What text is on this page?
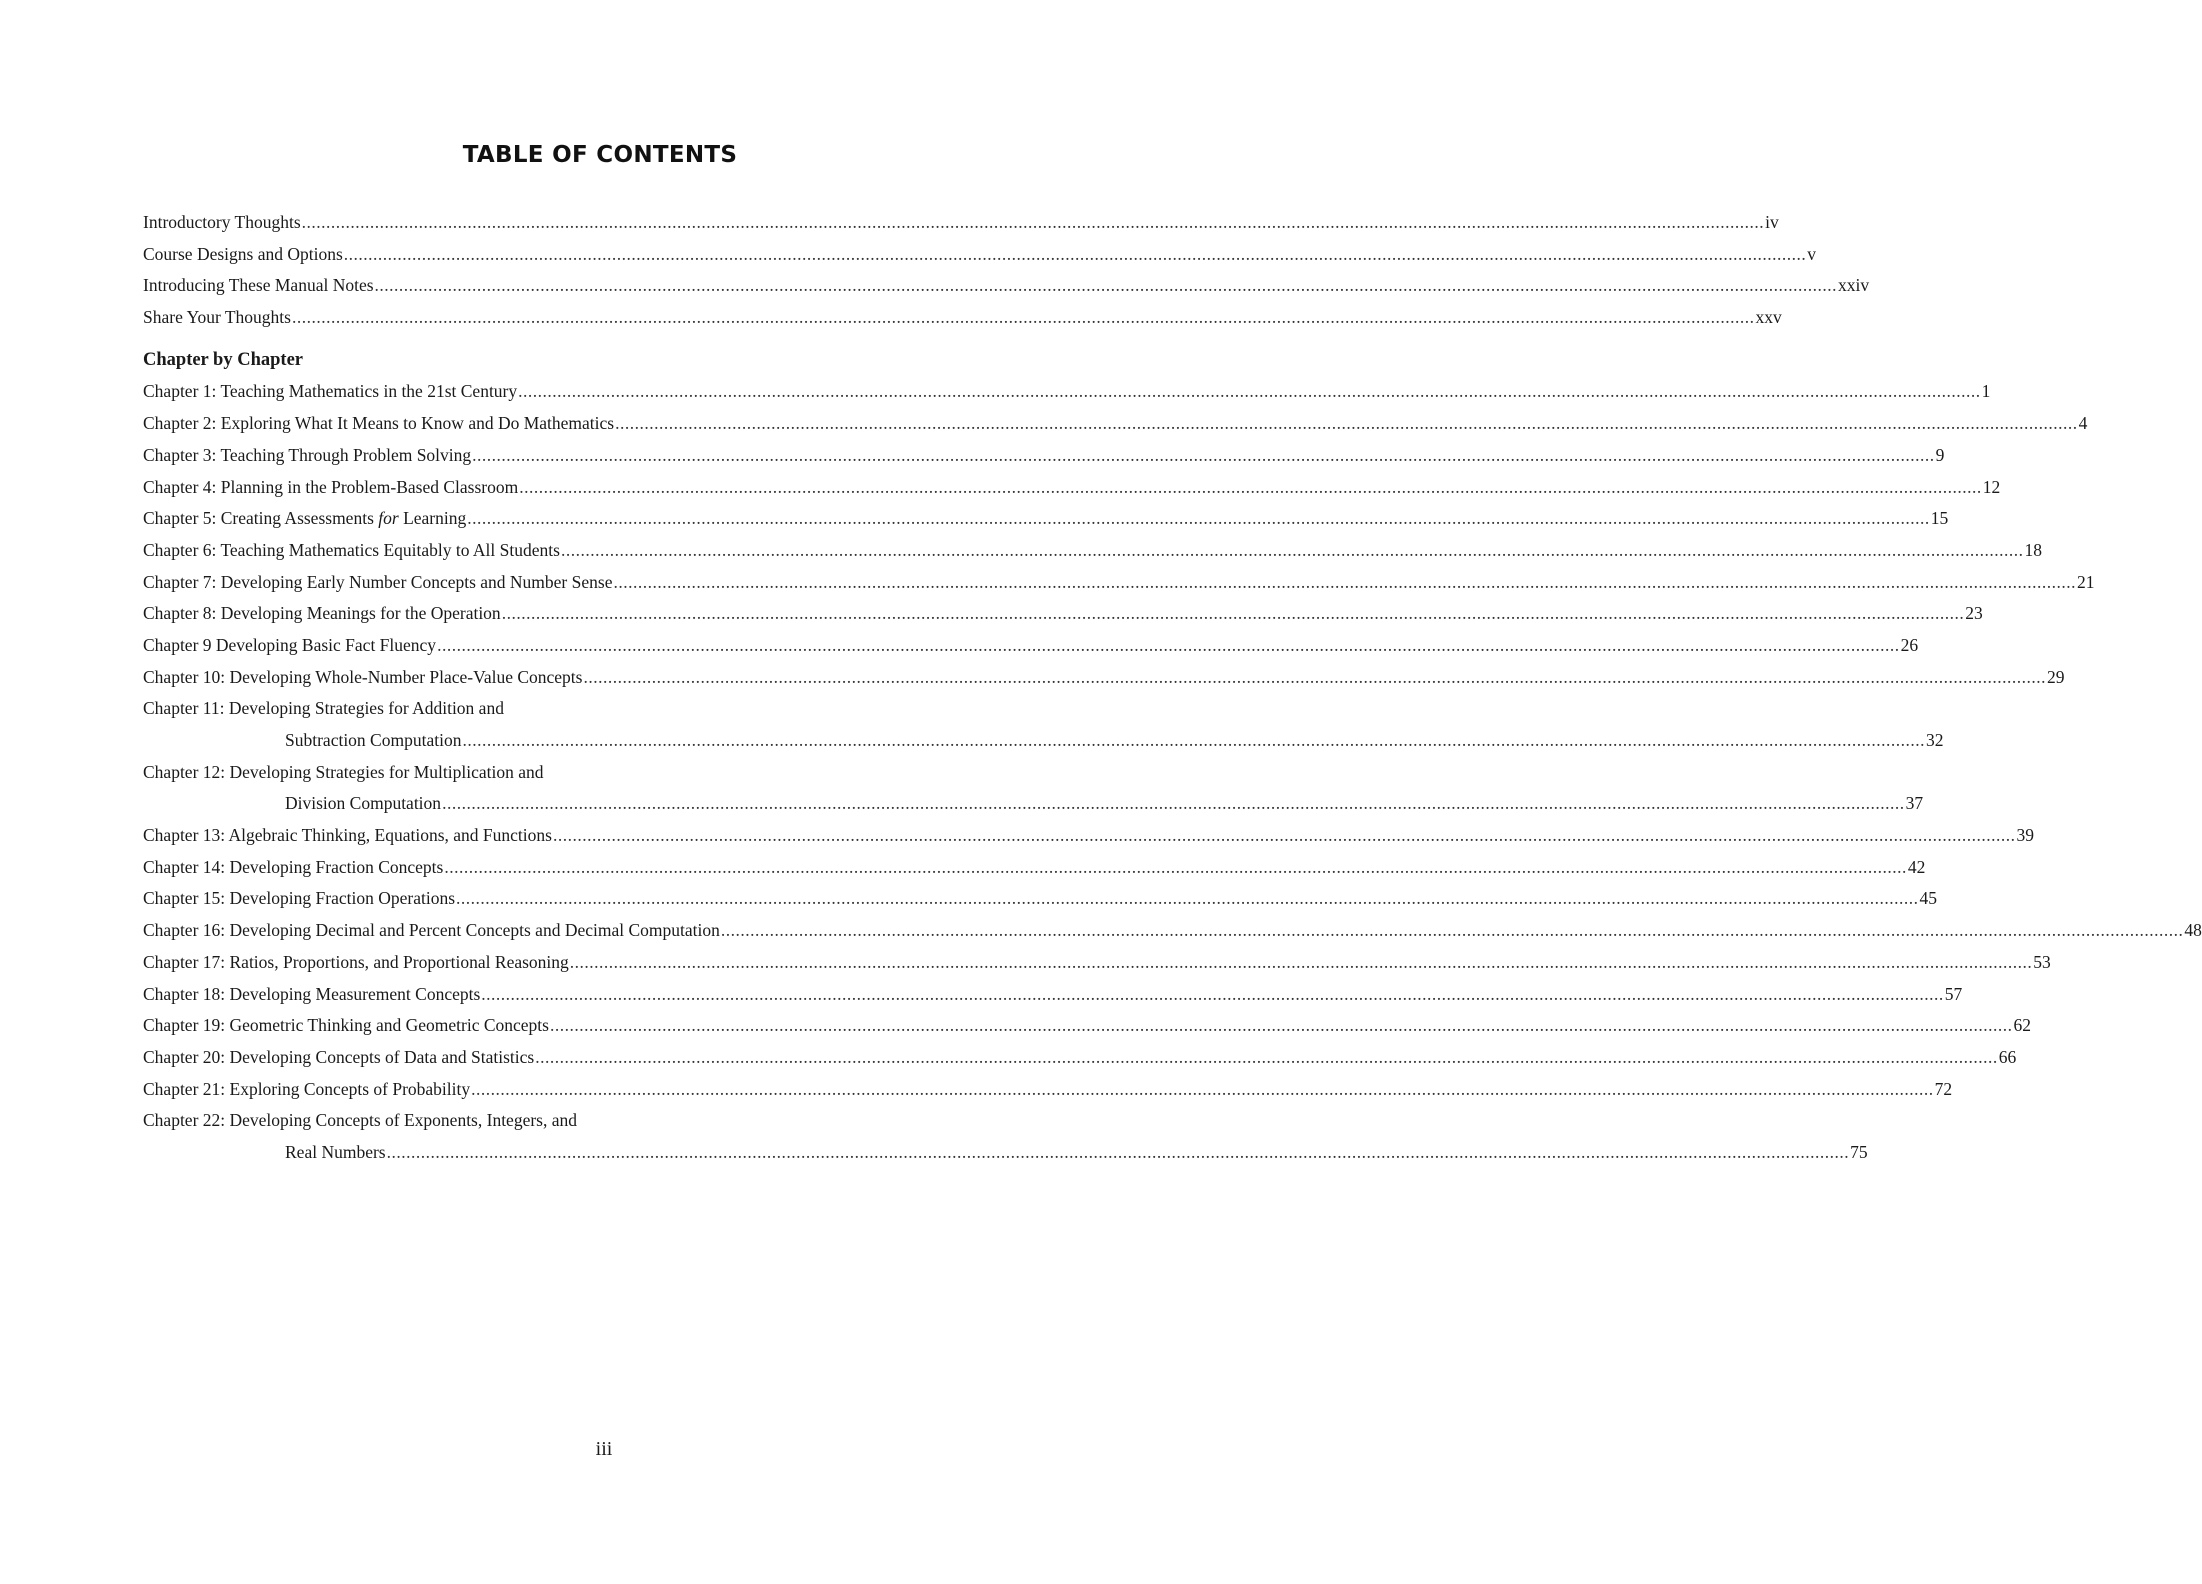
TABLE OF CONTENTS
Introductory Thoughts ............................................................................................................................................................................................................................................................................................................ iv
Course Designs and Options ............................................................................................................................................................................................................................................................................................................ v
Introducing These Manual Notes ............................................................................................................................................................................................................................................................................................................ xxiv
Share Your Thoughts ............................................................................................................................................................................................................................................................................................................ xxv
Chapter by Chapter
Chapter 1: Teaching Mathematics in the 21st Century ............................................................................................................................................................................................................................................................................................................ 1
Chapter 2: Exploring What It Means to Know and Do Mathematics ............................................................................................................................................................................................................................................................................................................ 4
Chapter 3: Teaching Through Problem Solving ............................................................................................................................................................................................................................................................................................................ 9
Chapter 4: Planning in the Problem-Based Classroom ............................................................................................................................................................................................................................................................................................................ 12
Chapter 5: Creating Assessments for Learning ............................................................................................................................................................................................................................................................................................................ 15
Chapter 6: Teaching Mathematics Equitably to All Students ............................................................................................................................................................................................................................................................................................................ 18
Chapter 7: Developing Early Number Concepts and Number Sense ............................................................................................................................................................................................................................................................................................................ 21
Chapter 8: Developing Meanings for the Operation ............................................................................................................................................................................................................................................................................................................ 23
Chapter 9 Developing Basic Fact Fluency ............................................................................................................................................................................................................................................................................................................ 26
Chapter 10: Developing Whole-Number Place-Value Concepts ............................................................................................................................................................................................................................................................................................................ 29
Chapter 11: Developing Strategies for Addition and
Subtraction Computation ............................................................................................................................................................................................................................................................................................................ 32
Chapter 12: Developing Strategies for Multiplication and
Division Computation ............................................................................................................................................................................................................................................................................................................ 37
Chapter 13: Algebraic Thinking, Equations, and Functions ............................................................................................................................................................................................................................................................................................................ 39
Chapter 14: Developing Fraction Concepts ............................................................................................................................................................................................................................................................................................................ 42
Chapter 15: Developing Fraction Operations ............................................................................................................................................................................................................................................................................................................ 45
Chapter 16: Developing Decimal and Percent Concepts and Decimal Computation ............................................................................................................................................................................................................................................................................................................ 48
Chapter 17: Ratios, Proportions, and Proportional Reasoning ............................................................................................................................................................................................................................................................................................................ 53
Chapter 18: Developing Measurement Concepts ............................................................................................................................................................................................................................................................................................................ 57
Chapter 19: Geometric Thinking and Geometric Concepts ............................................................................................................................................................................................................................................................................................................ 62
Chapter 20: Developing Concepts of Data and Statistics ............................................................................................................................................................................................................................................................................................................ 66
Chapter 21: Exploring Concepts of Probability ............................................................................................................................................................................................................................................................................................................ 72
Chapter 22: Developing Concepts of Exponents, Integers, and
Real Numbers ............................................................................................................................................................................................................................................................................................................ 75
iii
